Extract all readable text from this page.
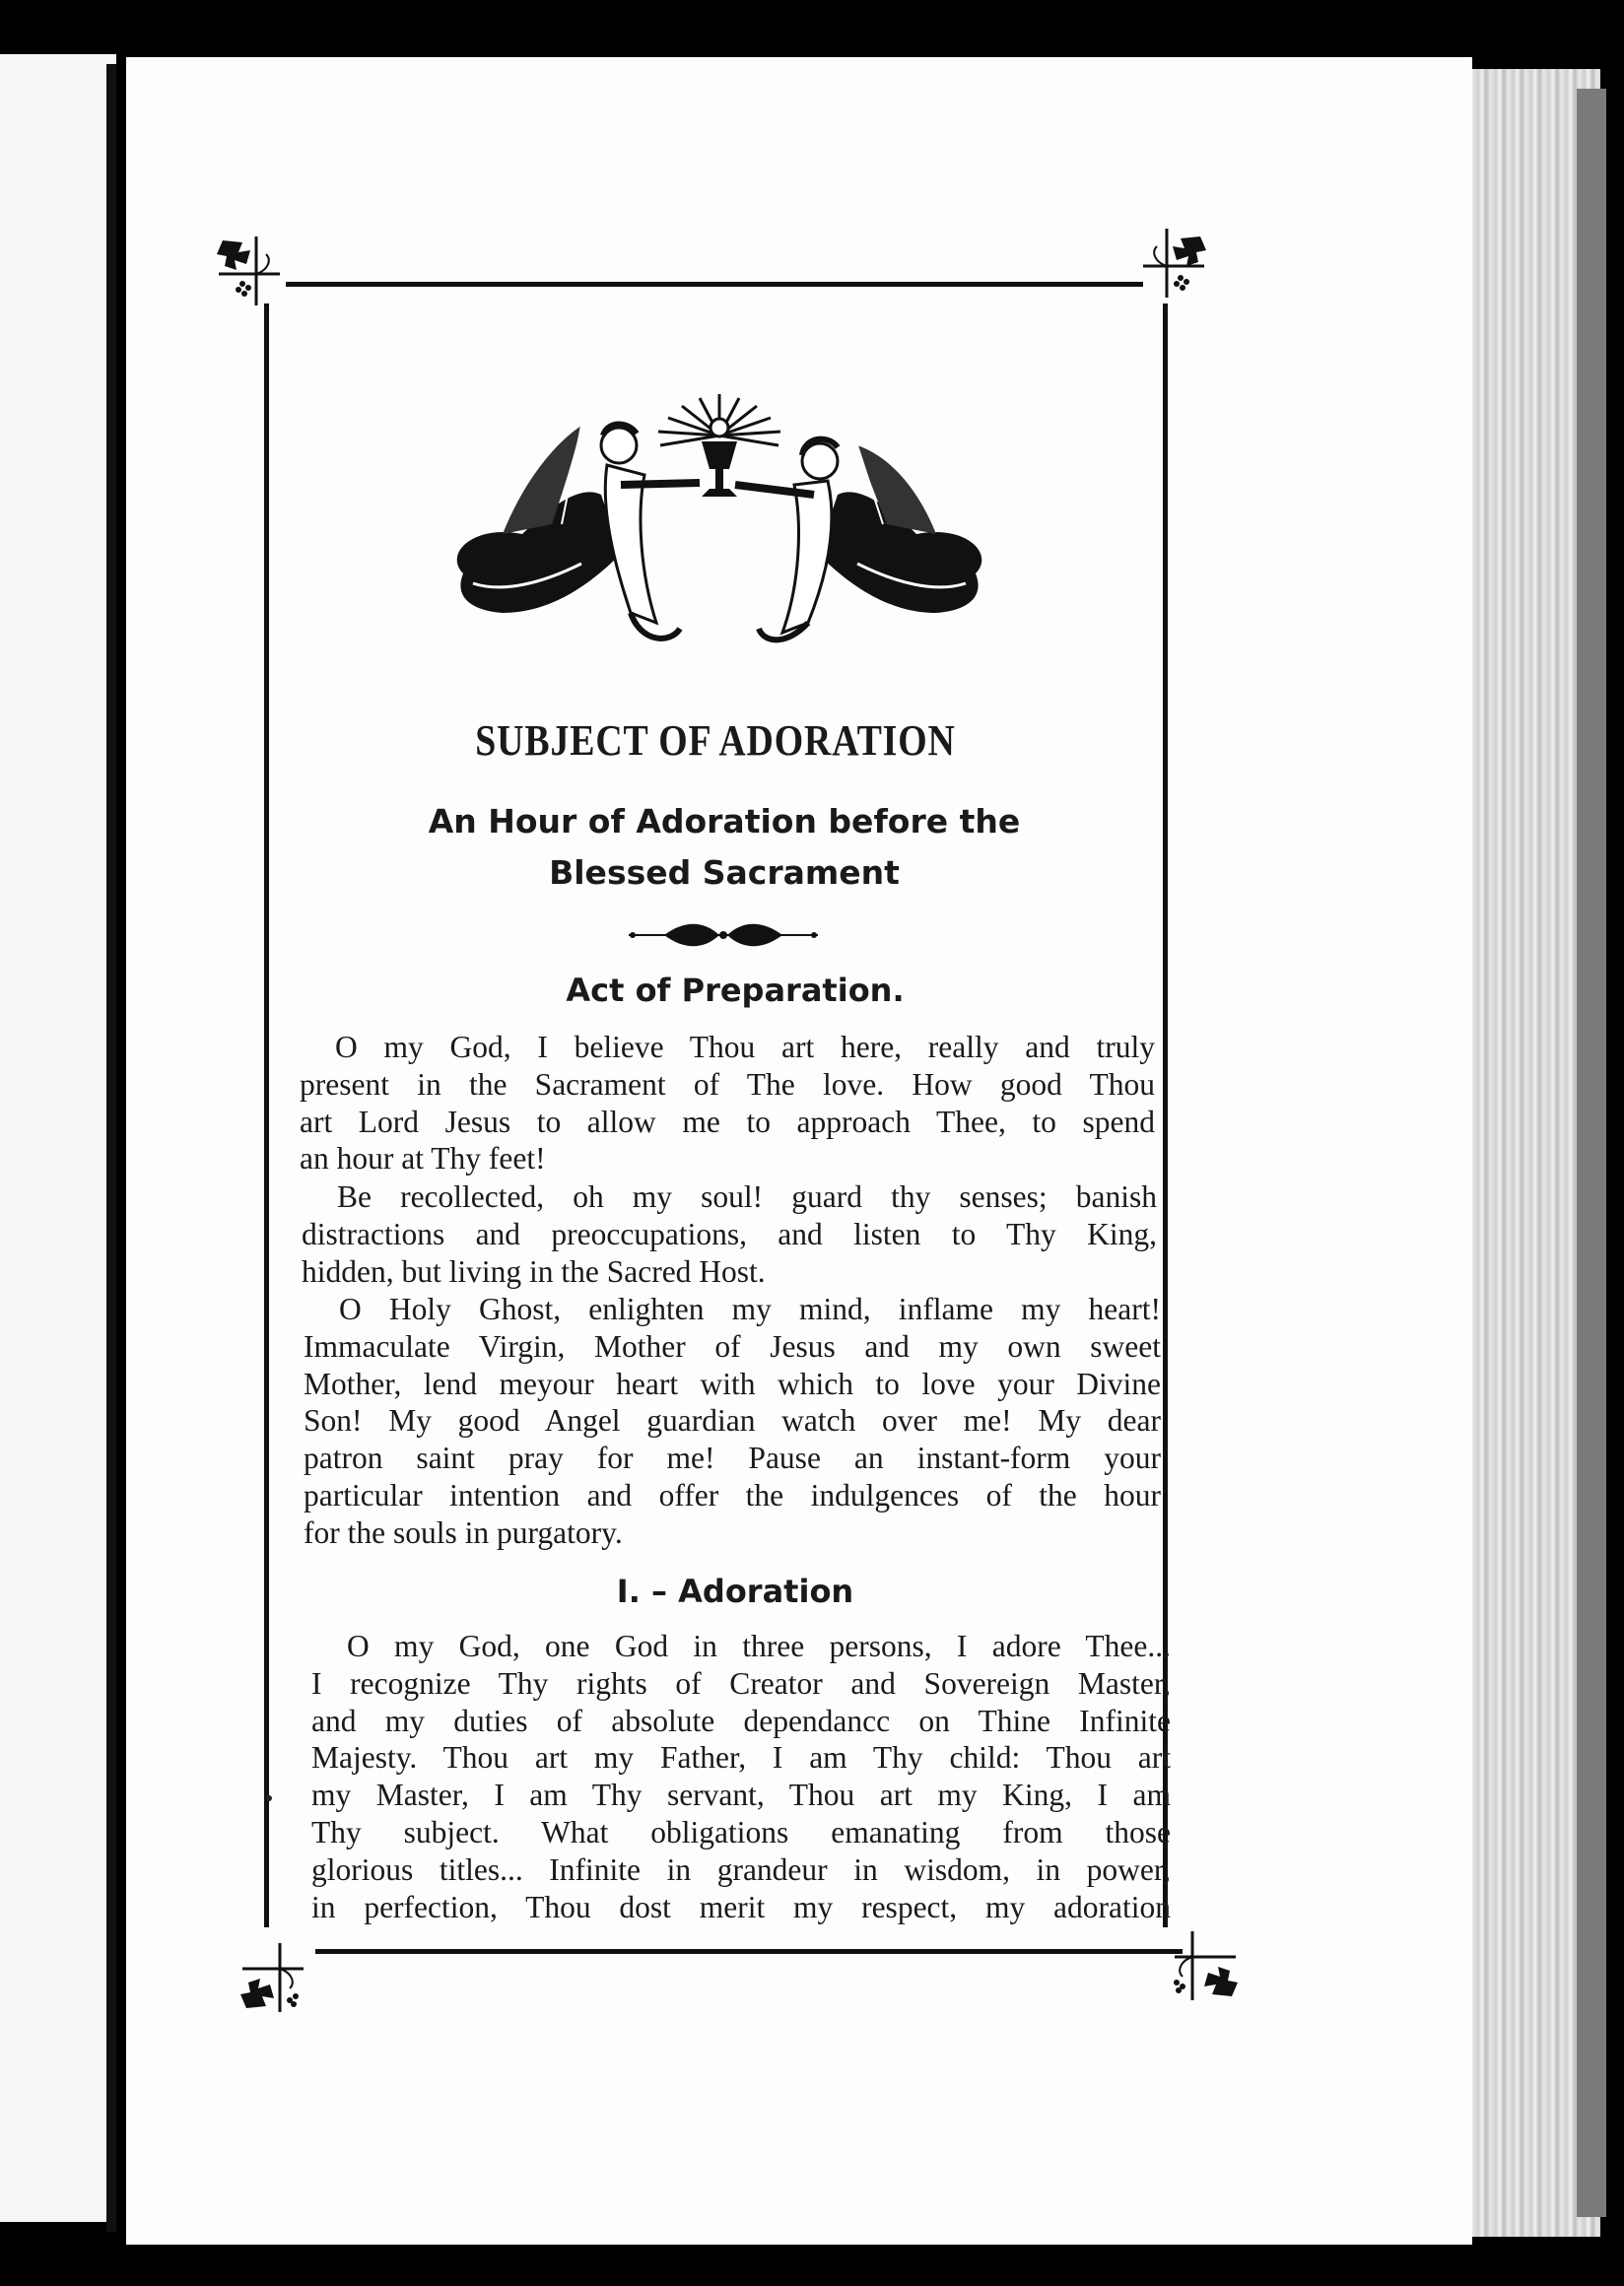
SUBJECT OF ADORATION
An Hour of Adoration before the
Blessed Sacrament
Act of Preparation.
O my God, I believe Thou art here, really and truly
present in the Sacrament of The love. How good Thou
art Lord Jesus to allow me to approach Thee, to spend
an hour at Thy feet!
Be recollected, oh my soul! guard thy senses; banish
distractions and preoccupations, and listen to Thy King,
hidden, but living in the Sacred Host.
O Holy Ghost, enlighten my mind, inflame my heart!
Immaculate Virgin, Mother of Jesus and my own sweet
Mother, lend meyour heart with which to love your Divine
Son! My good Angel guardian watch over me! My dear
patron saint pray for me! Pause an instant-form your
particular intention and offer the indulgences of the hour
for the souls in purgatory.
I. – Adoration
O my God, one God in three persons, I adore Thee...
I recognize Thy rights of Creator and Sovereign Master,
and my duties of absolute dependancc on Thine Infinite
Majesty. Thou art my Father, I am Thy child: Thou art
my Master, I am Thy servant, Thou art my King, I am
Thy subject. What obligations emanating from those
glorious titles... Infinite in grandeur in wisdom, in power,
in perfection, Thou dost merit my respect, my adoration
